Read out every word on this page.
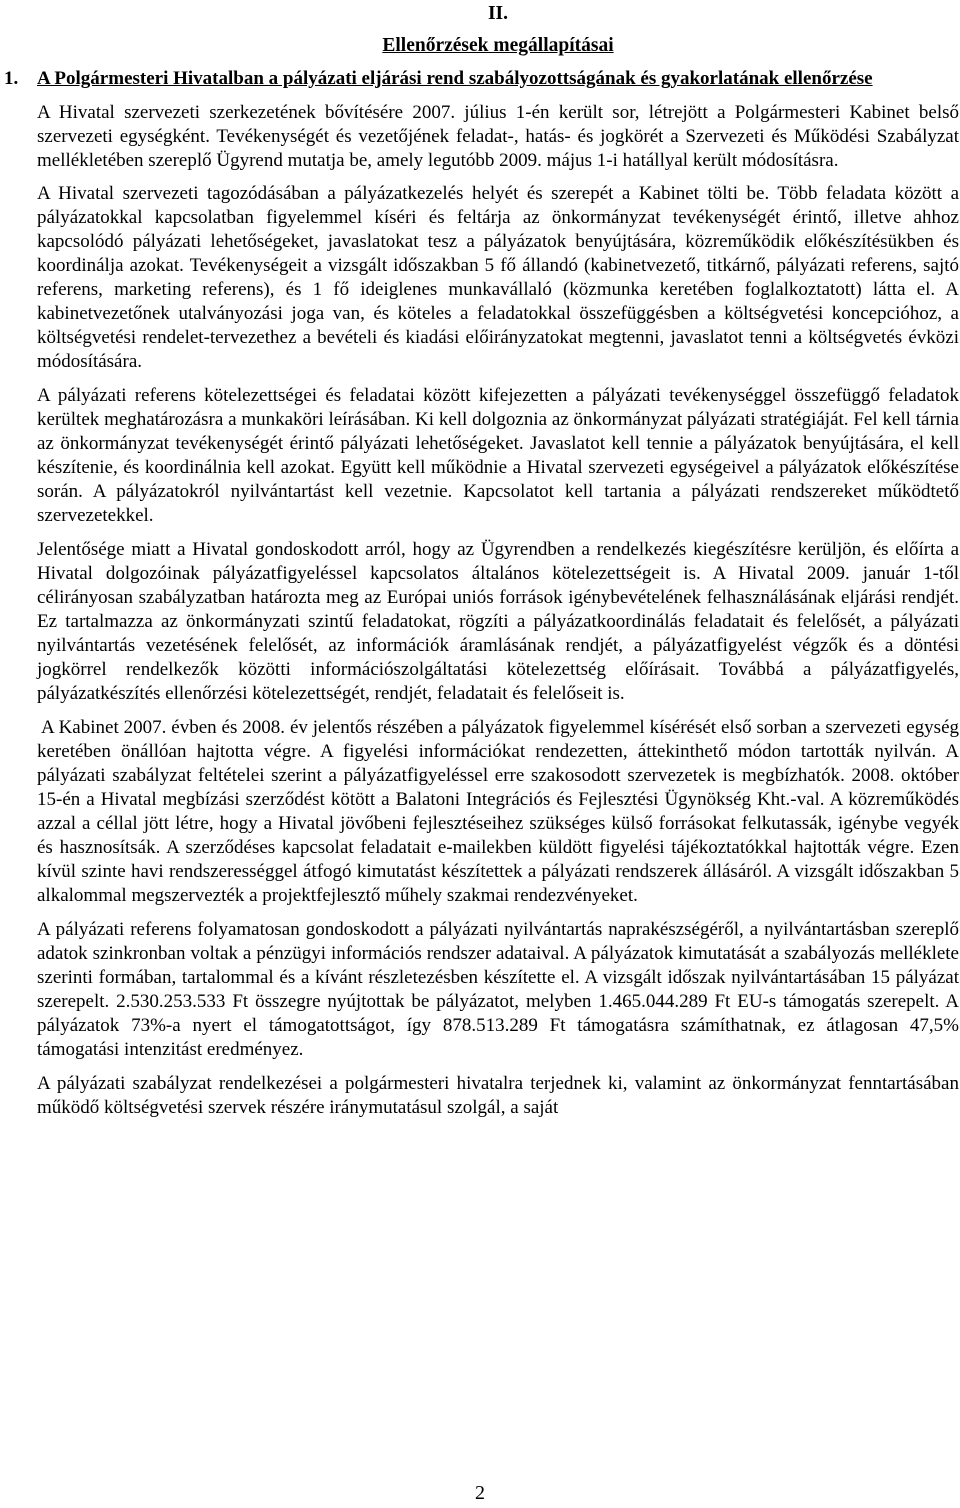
II.
Ellenőrzések megállapításai
1. A Polgármesteri Hivatalban a pályázati eljárási rend szabályozottságának és gyakorlatának ellenőrzése

A Hivatal szervezeti szerkezetének bővítésére 2007. július 1-én került sor, létrejött a Polgármesteri Kabinet belső szervezeti egységként. Tevékenységét és vezetőjének feladat-, hatás- és jogkörét a Szervezeti és Működési Szabályzat mellékletében szereplő Ügyrend mutatja be, amely legutóbb 2009. május 1-i hatállyal került módosításra.

A Hivatal szervezeti tagozódásában a pályázatkezelés helyét és szerepét a Kabinet tölti be. Több feladata között a pályázatokkal kapcsolatban figyelemmel kíséri és feltárja az önkormányzat tevékenységét érintő, illetve ahhoz kapcsolódó pályázati lehetőségeket, javaslatokat tesz a pályázatok benyújtására, közreműködik előkészítésükben és koordinálja azokat. Tevékenységeit a vizsgált időszakban 5 fő állandó (kabinetvezető, titkárnő, pályázati referens, sajtó referens, marketing referens), és 1 fő ideiglenes munkavállaló (közmunka keretében foglalkoztatott) látta el. A kabinetvezetőnek utalványozási joga van, és köteles a feladatokkal összefüggésben a költségvetési koncepcióhoz, a költségvetési rendelet-tervezethez a bevételi és kiadási előirányzatokat megtenni, javaslatot tenni a költségvetés évközi módosítására.

A pályázati referens kötelezettségei és feladatai között kifejezetten a pályázati tevékenységgel összefüggő feladatok kerültek meghatározásra a munkaköri leírásában. Ki kell dolgoznia az önkormányzat pályázati stratégiáját. Fel kell tárnia az önkormányzat tevékenységét érintő pályázati lehetőségeket. Javaslatot kell tennie a pályázatok benyújtására, el kell készítenie, és koordinálnia kell azokat. Együtt kell működnie a Hivatal szervezeti egységeivel a pályázatok előkészítése során. A pályázatokról nyilvántartást kell vezetnie. Kapcsolatot kell tartania a pályázati rendszereket működtető szervezetekkel.

Jelentősége miatt a Hivatal gondoskodott arról, hogy az Ügyrendben a rendelkezés kiegészítésre kerüljön, és előírta a Hivatal dolgozóinak pályázatfigyeléssel kapcsolatos általános kötelezettségeit is. A Hivatal 2009. január 1-től célirányosan szabályzatban határozta meg az Európai uniós források igénybevételének felhasználásának eljárási rendjét. Ez tartalmazza az önkormányzati szintű feladatokat, rögzíti a pályázatkoordinálás feladatait és felelősét, a pályázati nyilvántartás vezetésének felelősét, az információk áramlásának rendjét, a pályázatfigyelést végzők és a döntési jogkörrel rendelkezők közötti információszolgáltatási kötelezettség előírásait. Továbbá a pályázatfigyelés, pályázatkészítés ellenőrzési kötelezettségét, rendjét, feladatait és felelőseit is.

A Kabinet 2007. évben és 2008. év jelentős részében a pályázatok figyelemmel kísérését első sorban a szervezeti egység keretében önállóan hajtotta végre. A figyelési információkat rendezetten, áttekinthető módon tartották nyilván. A pályázati szabályzat feltételei szerint a pályázatfigyeléssel erre szakosodott szervezetek is megbízhatók. 2008. október 15-én a Hivatal megbízási szerződést kötött a Balatoni Integrációs és Fejlesztési Ügynökség Kht.-val. A közreműködés azzal a céllal jött létre, hogy a Hivatal jövőbeni fejlesztéseihez szükséges külső forrásokat felkutassák, igénybe vegyék és hasznosítsák. A szerződéses kapcsolat feladatait e-mailekben küldött figyelési tájékoztatókkal hajtották végre. Ezen kívül szinte havi rendszerességgel átfogó kimutatást készítettek a pályázati rendszerek állásáról. A vizsgált időszakban 5 alkalommal megszervezték a projektfejlesztő műhely szakmai rendezvényeket.

A pályázati referens folyamatosan gondoskodott a pályázati nyilvántartás naprakészségéről, a nyilvántartásban szereplő adatok szinkronban voltak a pénzügyi információs rendszer adataival. A pályázatok kimutatását a szabályozás melléklete szerinti formában, tartalommal és a kívánt részletezésben készítette el. A vizsgált időszak nyilvántartásában 15 pályázat szerepelt. 2.530.253.533 Ft összegre nyújtottak be pályázatot, melyben 1.465.044.289 Ft EU-s támogatás szerepelt. A pályázatok 73%-a nyert el támogatottságot, így 878.513.289 Ft támogatásra számíthatnak, ez átlagosan 47,5% támogatási intenzitást eredményez.

A pályázati szabályzat rendelkezései a polgármesteri hivatalra terjednek ki, valamint az önkormányzat fenntartásában működő költségvetési szervek részére iránymutatásul szolgál, a saját

2
